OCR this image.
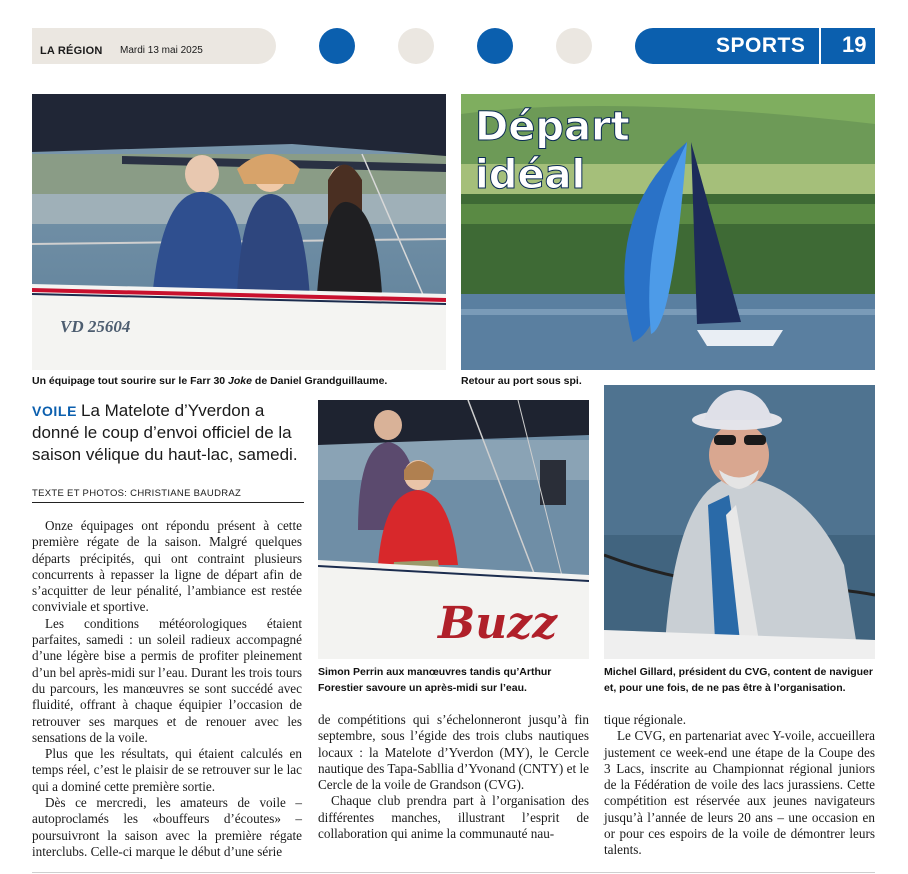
LA RÉGION Mardi 13 mai 2025	SPORTS 19
VD 25604
Un équipage tout sourire sur le Farr 30 Joke de Daniel Grandguillaume.
Départ
idéal
Retour au port sous spi.
VOILE La Matelote d’Yverdon a donné le coup d’envoi officiel de la saison vélique du haut-lac, samedi.
TEXTE ET PHOTOS: CHRISTIANE BAUDRAZ

Onze équipages ont répondu présent à cette première régate de la saison. Malgré quelques départs précipités, qui ont contraint plusieurs concurrents à repasser la ligne de départ afin de s’acquitter de leur pénalité, l’ambiance est restée conviviale et sportive.

Les conditions météorologiques étaient parfaites, samedi : un soleil radieux accompagné d’une légère bise a permis de profiter pleinement d’un bel après-midi sur l’eau. Durant les trois tours du parcours, les manœuvres se sont succédé avec fluidité, offrant à chaque équipier l’occasion de retrouver ses marques et de renouer avec les sensations de la voile.

Plus que les résultats, qui étaient calculés en temps réel, c’est le plaisir de se retrouver sur le lac qui a dominé cette première sortie.

Dès ce mercredi, les amateurs de voile – autoproclamés les «bouffeurs d’écoutes» – poursuivront la saison avec la première régate interclubs. Celle-ci marque le début d’une série

Buzz
Simon Perrin aux manœuvres tandis qu’Arthur
Forestier savoure un après-midi sur l’eau.

de compétitions qui s’échelonneront jusqu’à fin septembre, sous l’égide des trois clubs nautiques locaux : la Matelote d’Yverdon (MY), le Cercle nautique des Tapa-Sabllia d’Yvonand (CNTY) et le Cercle de la voile de Grandson (CVG).

Chaque club prendra part à l’organisation des différentes manches, illustrant l’esprit de collaboration qui anime la communauté nau-

Michel Gillard, président du CVG, content de naviguer
et, pour une fois, de ne pas être à l’organisation.

tique régionale.

Le CVG, en partenariat avec Y-voile, accueillera justement ce week-end une étape de la Coupe des 3 Lacs, inscrite au Championnat régional juniors de la Fédération de voile des lacs jurassiens. Cette compétition est réservée aux jeunes navigateurs jusqu’à l’année de leurs 20 ans – une occasion en or pour ces espoirs de la voile de démontrer leurs talents.
